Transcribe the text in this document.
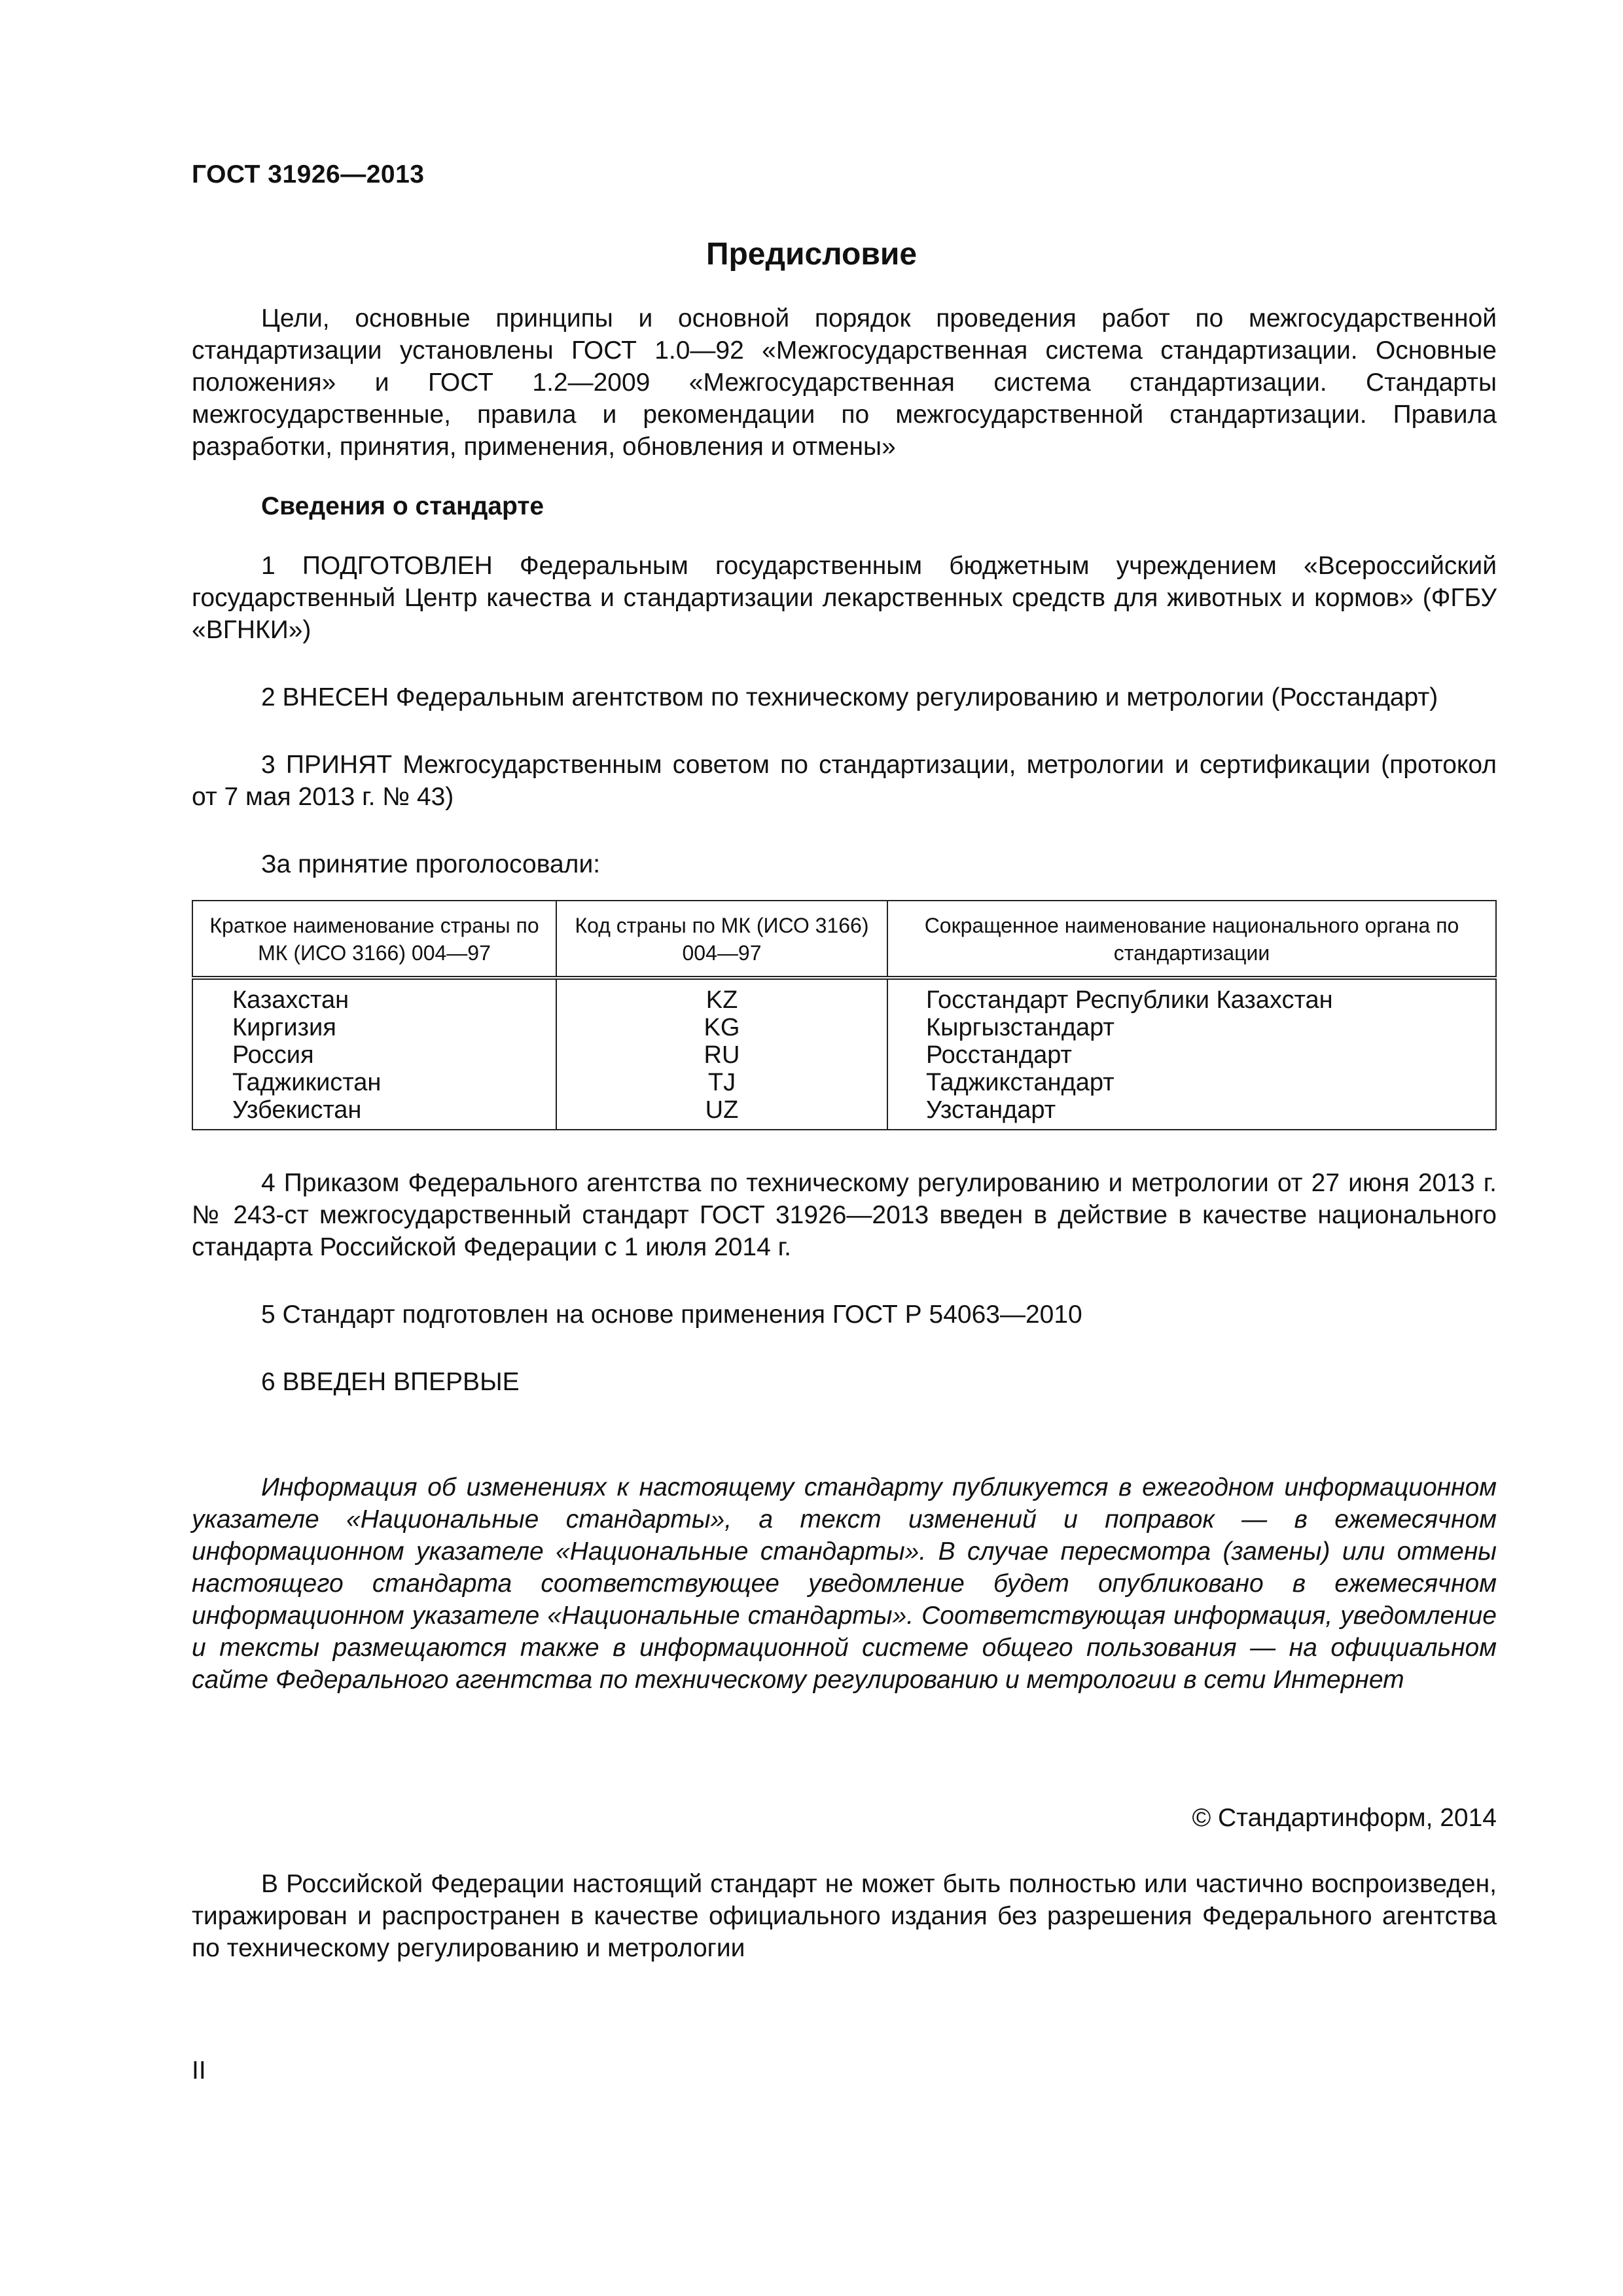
ГОСТ 31926—2013
Предисловие

Цели, основные принципы и основной порядок проведения работ по межгосударственной стандартизации установлены ГОСТ 1.0—92 «Межгосударственная система стандартизации. Основные положения» и ГОСТ 1.2—2009 «Межгосударственная система стандартизации. Стандарты межгосударственные, правила и рекомендации по межгосударственной стандартизации. Правила разработки, принятия, применения, обновления и отмены»

Сведения о стандарте

1 ПОДГОТОВЛЕН Федеральным государственным бюджетным учреждением «Всероссийский государственный Центр качества и стандартизации лекарственных средств для животных и кормов» (ФГБУ «ВГНКИ»)

2 ВНЕСЕН Федеральным агентством по техническому регулированию и метрологии (Росстандарт)

3 ПРИНЯТ Межгосударственным советом по стандартизации, метрологии и сертификации (протокол от 7 мая 2013 г. № 43)

За принятие проголосовали:

Краткое наименование страны по МК (ИСО 3166) 004—97	Код страны по МК (ИСО 3166) 004—97	Сокращенное наименование национального органа по стандартизации
Казахстан	KZ	Госстандарт Республики Казахстан
Киргизия	KG	Кыргызстандарт
Россия	RU	Росстандарт
Таджикистан	TJ	Таджикстандарт
Узбекистан	UZ	Узстандарт

4 Приказом Федерального агентства по техническому регулированию и метрологии от 27 июня 2013 г. № 243-ст межгосударственный стандарт ГОСТ 31926—2013 введен в действие в качестве национального стандарта Российской Федерации с 1 июля 2014 г.

5 Стандарт подготовлен на основе применения ГОСТ Р 54063—2010

6 ВВЕДЕН ВПЕРВЫЕ

Информация об изменениях к настоящему стандарту публикуется в ежегодном информационном указателе «Национальные стандарты», а текст изменений и поправок — в ежемесячном информационном указателе «Национальные стандарты». В случае пересмотра (замены) или отмены настоящего стандарта соответствующее уведомление будет опубликовано в ежемесячном информационном указателе «Национальные стандарты». Соответствующая информация, уведомление и тексты размещаются также в информационной системе общего пользования — на официальном сайте Федерального агентства по техническому регулированию и метрологии в сети Интернет

© Стандартинформ, 2014

В Российской Федерации настоящий стандарт не может быть полностью или частично воспроизведен, тиражирован и распространен в качестве официального издания без разрешения Федерального агентства по техническому регулированию и метрологии

II
